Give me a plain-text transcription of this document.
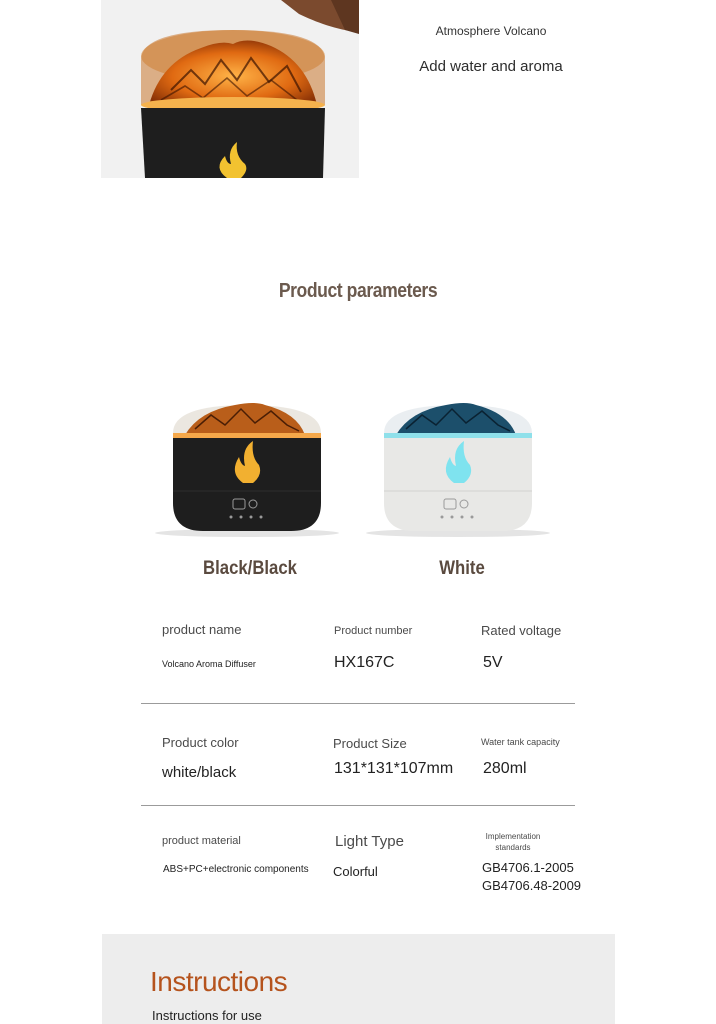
Atmosphere Volcano
Add water and aroma
Product parameters
Black/Black	White
product name
Volcano Aroma Diffuser
Product number
HX167C
Rated voltage
5V
Product color
white/black
Product Size
131*131*107mm
Water tank capacity
280ml
product material
ABS+PC+electronic components
Light Type
Colorful
Implementation
standards
GB4706.1-2005
GB4706.48-2009
Instructions
Instructions for use
